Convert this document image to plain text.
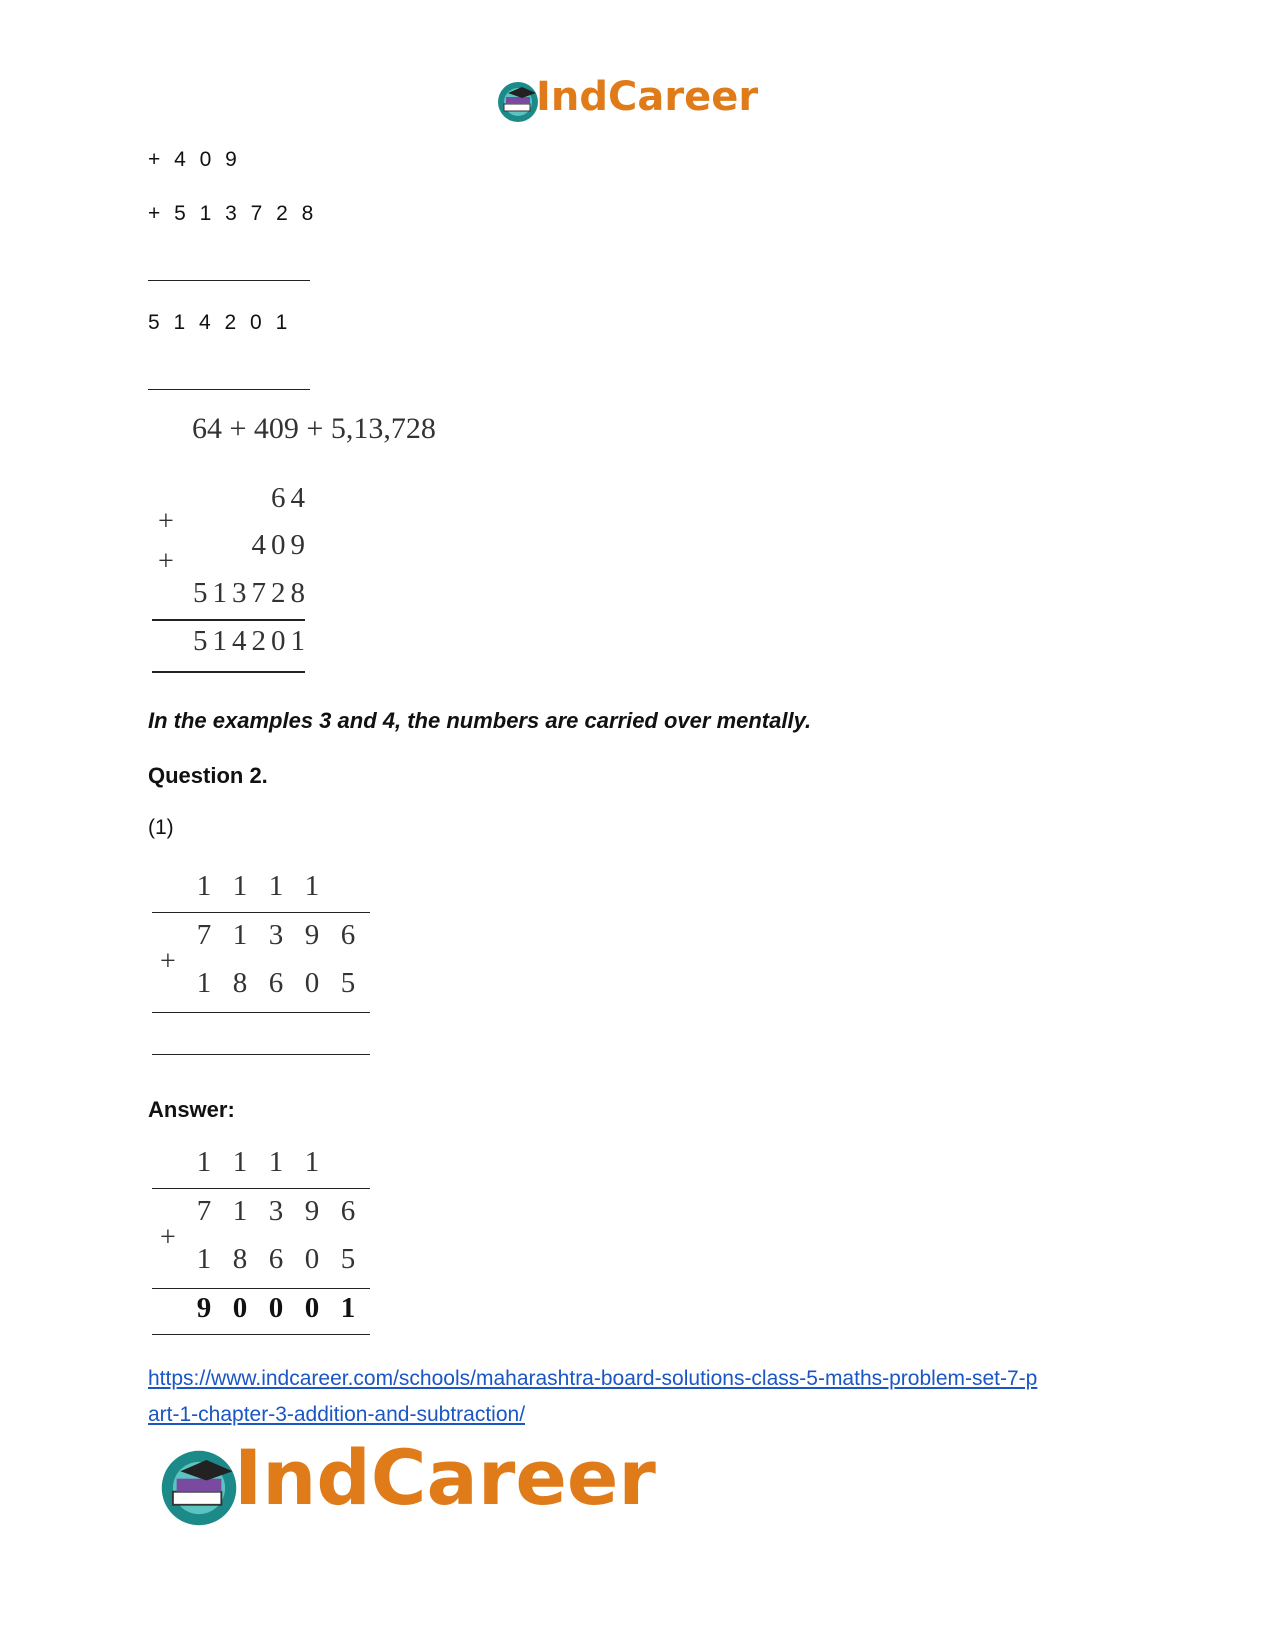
IndCareer
+ 4 0 9
+ 5 1 3 7 2 8
5 1 4 2 0 1
64 + 409 + 5,13,728
64
+
409
+
513728
514201
In the examples 3 and 4, the numbers are carried over mentally.
Question 2.
(1)
1 1 1 1
7 1 3 9 6
+
1 8 6 0 5
Answer:
1 1 1 1
7 1 3 9 6
+
1 8 6 0 5
9 0 0 0 1
https://www.indcareer.com/schools/maharashtra-board-solutions-class-5-maths-problem-set-7-p
art-1-chapter-3-addition-and-subtraction/
IndCareer
